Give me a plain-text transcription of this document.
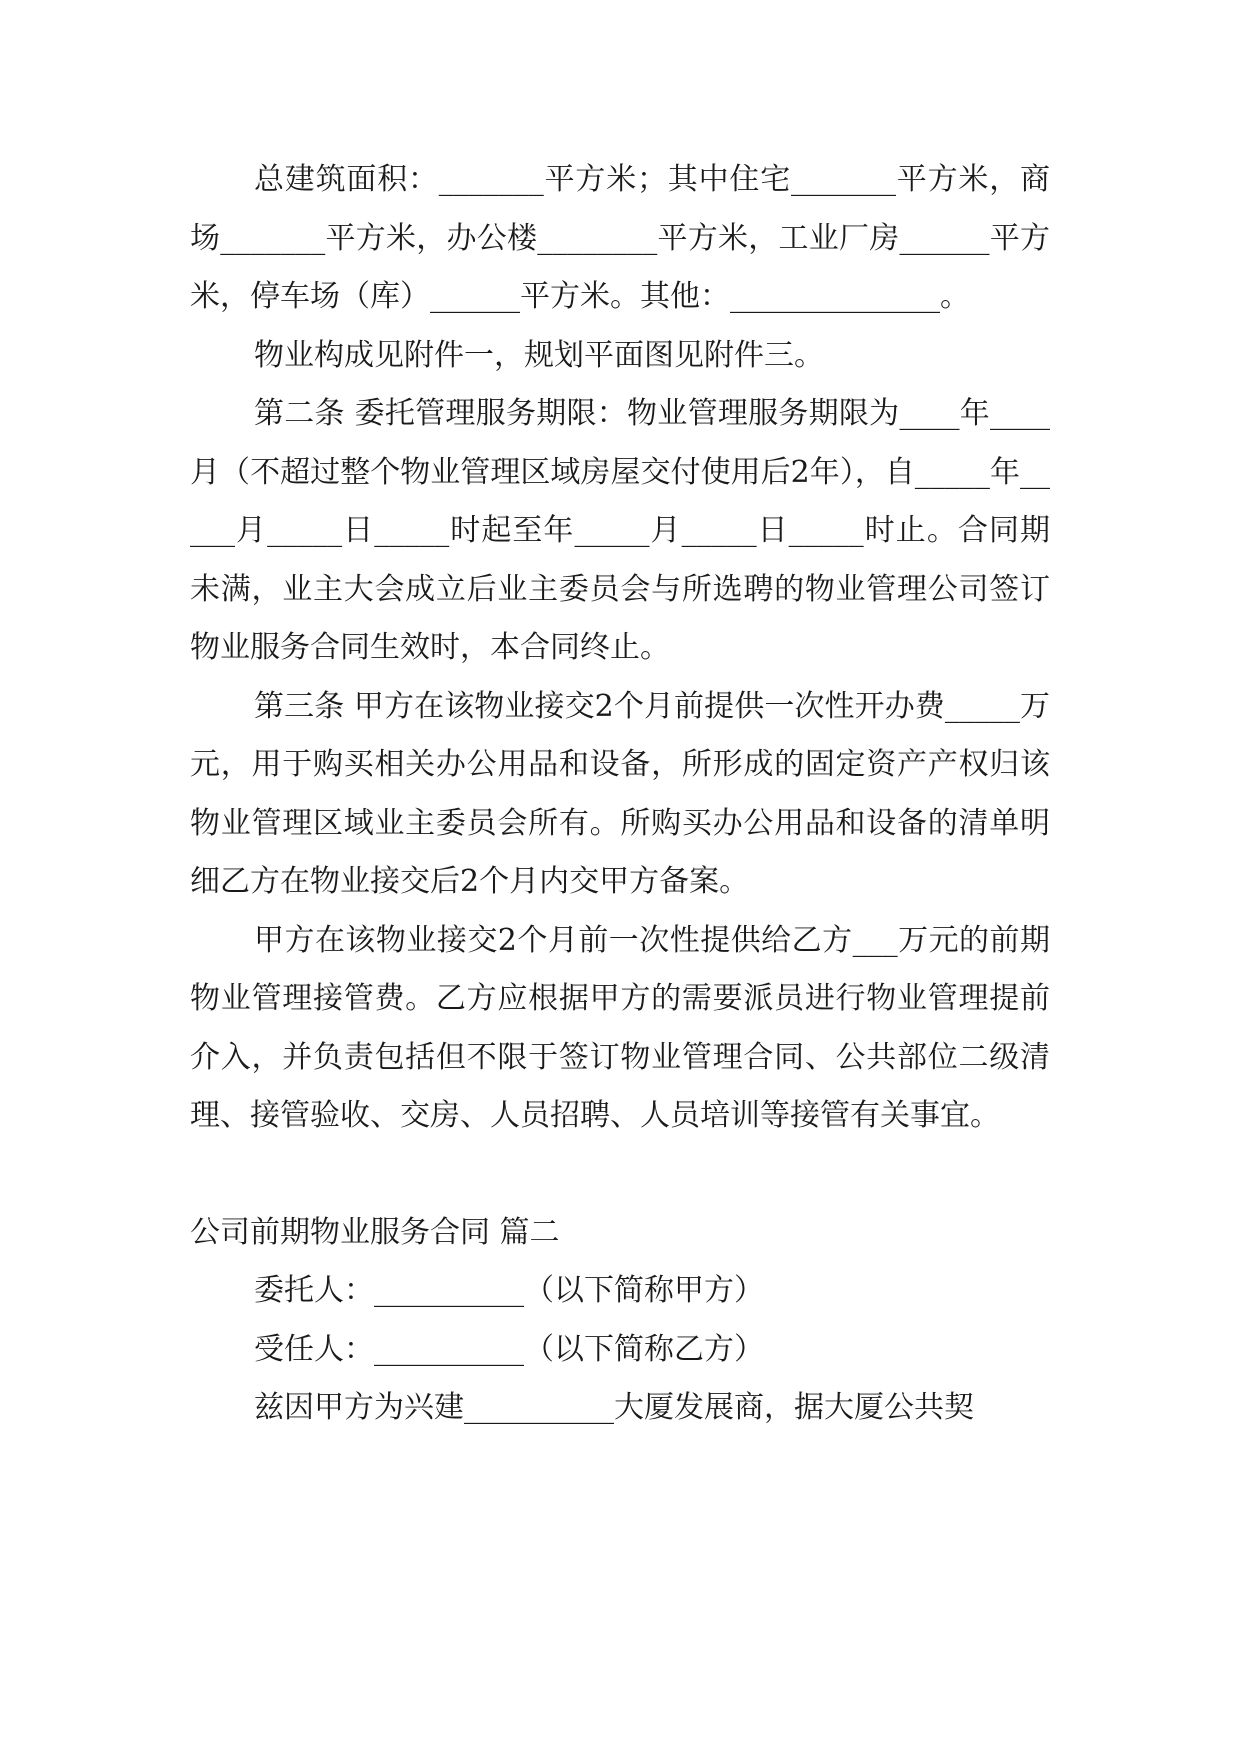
总建筑面积：_______平方米；其中住宅_______平方米，商场_______平方米，办公楼________平方米，工业厂房______平方米，停车场（库）______平方米。其他：______________。

物业构成见附件一，规划平面图见附件三。

第二条 委托管理服务期限：物业管理服务期限为____年____月（不超过整个物业管理区域房屋交付使用后2年），自_____年_____月_____日_____时起至年_____月_____日_____时止。合同期未满，业主大会成立后业主委员会与所选聘的物业管理公司签订物业服务合同生效时，本合同终止。

第三条 甲方在该物业接交2个月前提供一次性开办费_____万元，用于购买相关办公用品和设备，所形成的固定资产产权归该物业管理区域业主委员会所有。所购买办公用品和设备的清单明细乙方在物业接交后2个月内交甲方备案。

甲方在该物业接交2个月前一次性提供给乙方___万元的前期物业管理接管费。乙方应根据甲方的需要派员进行物业管理提前介入，并负责包括但不限于签订物业管理合同、公共部位二级清理、接管验收、交房、人员招聘、人员培训等接管有关事宜。

公司前期物业服务合同 篇二

委托人：__________（以下简称甲方）

受任人：__________（以下简称乙方）

兹因甲方为兴建__________大厦发展商，据大厦公共契
